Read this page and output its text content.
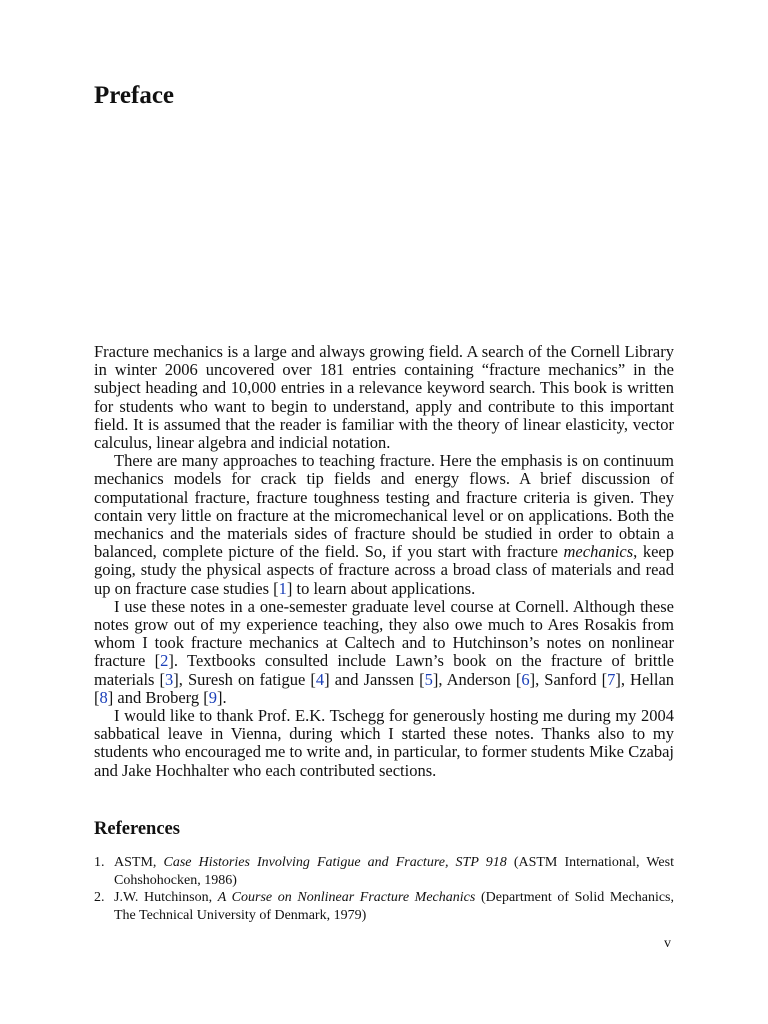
Preface

Fracture mechanics is a large and always growing field. A search of the Cornell Library in winter 2006 uncovered over 181 entries containing “fracture mechanics” in the subject heading and 10,000 entries in a relevance keyword search. This book is written for students who want to begin to understand, apply and contribute to this important field. It is assumed that the reader is familiar with the theory of linear elasticity, vector calculus, linear algebra and indicial notation.

There are many approaches to teaching fracture. Here the emphasis is on continuum mechanics models for crack tip fields and energy flows. A brief discussion of computational fracture, fracture toughness testing and fracture criteria is given. They contain very little on fracture at the micromechanical level or on applications. Both the mechanics and the materials sides of fracture should be studied in order to obtain a balanced, complete picture of the field. So, if you start with fracture mechanics, keep going, study the physical aspects of fracture across a broad class of materials and read up on fracture case studies [1] to learn about applications.

I use these notes in a one-semester graduate level course at Cornell. Although these notes grow out of my experience teaching, they also owe much to Ares Rosakis from whom I took fracture mechanics at Caltech and to Hutchinson’s notes on nonlinear fracture [2]. Textbooks consulted include Lawn’s book on the fracture of brittle materials [3], Suresh on fatigue [4] and Janssen [5], Anderson [6], Sanford [7], Hellan [8] and Broberg [9].

I would like to thank Prof. E.K. Tschegg for generously hosting me during my 2004 sabbatical leave in Vienna, during which I started these notes. Thanks also to my students who encouraged me to write and, in particular, to former students Mike Czabaj and Jake Hochhalter who each contributed sections.

References
1. ASTM, Case Histories Involving Fatigue and Fracture, STP 918 (ASTM International, West Cohshohocken, 1986)
2. J.W. Hutchinson, A Course on Nonlinear Fracture Mechanics (Department of Solid Mechanics, The Technical University of Denmark, 1979)
v
